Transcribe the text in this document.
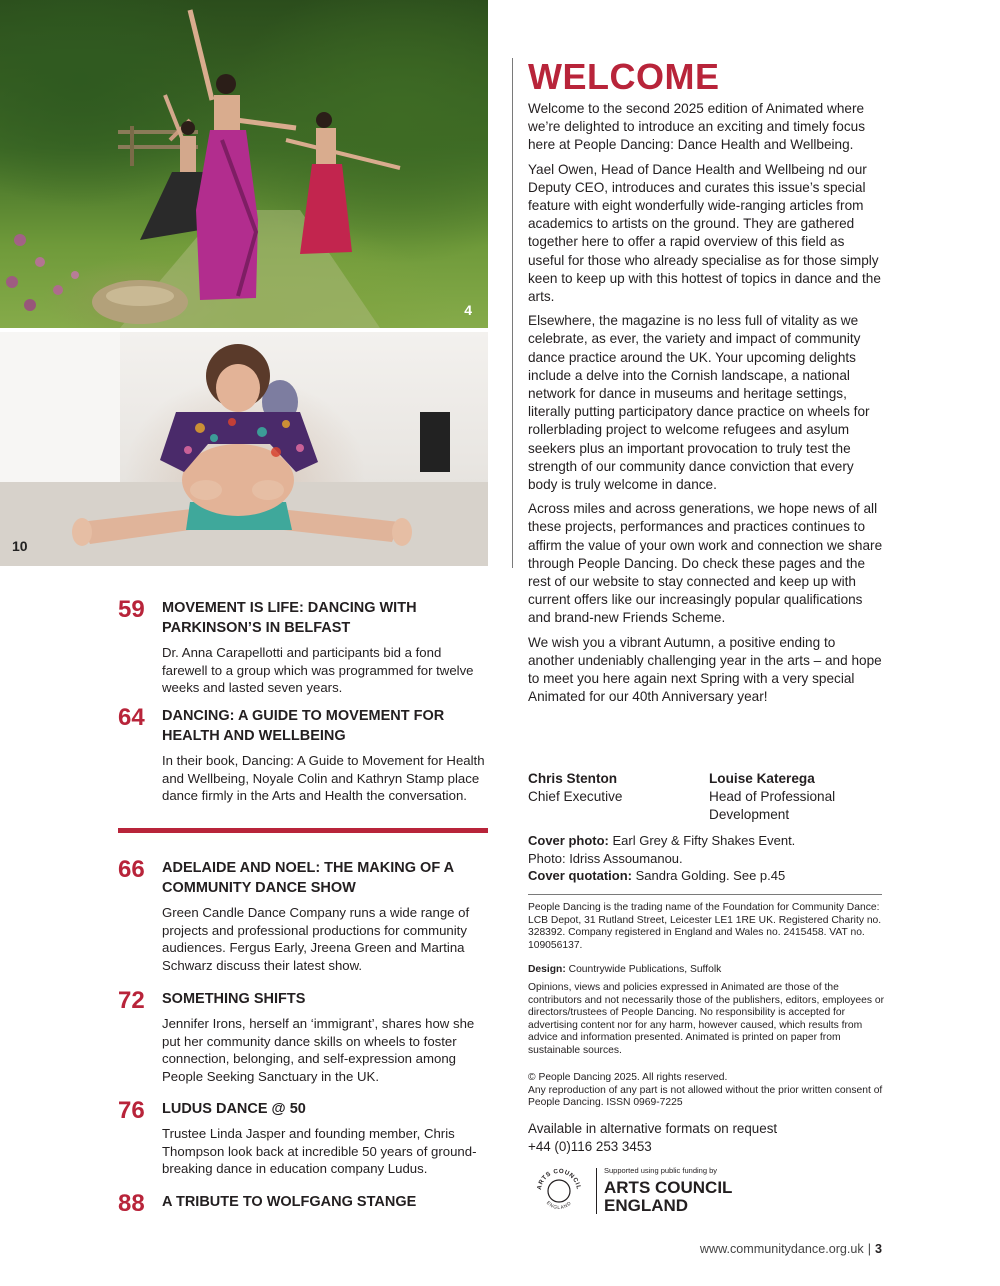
4
10
59 MOVEMENT IS LIFE: DANCING WITH PARKINSON’S IN BELFAST
Dr. Anna Carapellotti and participants bid a fond farewell to a group which was programmed for twelve weeks and lasted seven years.
64 DANCING: A GUIDE TO MOVEMENT FOR HEALTH AND WELLBEING
In their book, Dancing: A Guide to Movement for Health and Wellbeing, Noyale Colin and Kathryn Stamp place dance firmly in the Arts and Health the conversation.
66 ADELAIDE AND NOEL: THE MAKING OF A COMMUNITY DANCE SHOW
Green Candle Dance Company runs a wide range of projects and professional productions for community audiences. Fergus Early, Jreena Green and Martina Schwarz discuss their latest show.
72 SOMETHING SHIFTS
Jennifer Irons, herself an ‘immigrant’, shares how she put her community dance skills on wheels to foster connection, belonging, and self-expression among People Seeking Sanctuary in the UK.
76 LUDUS DANCE @ 50
Trustee Linda Jasper and founding member, Chris Thompson look back at incredible 50 years of ground-breaking dance in education company Ludus.
88 A TRIBUTE TO WOLFGANG STANGE
WELCOME

Welcome to the second 2025 edition of Animated where we’re delighted to introduce an exciting and timely focus here at People Dancing: Dance Health and Wellbeing.

Yael Owen, Head of Dance Health and Wellbeing nd our Deputy CEO, introduces and curates this issue’s special feature with eight wonderfully wide-ranging articles from academics to artists on the ground. They are gathered together here to offer a rapid overview of this field as useful for those who already specialise as for those simply keen to keep up with this hottest of topics in dance and the arts.

Elsewhere, the magazine is no less full of vitality as we celebrate, as ever, the variety and impact of community dance practice around the UK. Your upcoming delights include a delve into the Cornish landscape, a national network for dance in museums and heritage settings, literally putting participatory dance practice on wheels for rollerblading project to welcome refugees and asylum seekers plus an important provocation to truly test the strength of our community dance conviction that every body is truly welcome in dance.

Across miles and across generations, we hope news of all these projects, performances and practices continues to affirm the value of your own work and connection we share through People Dancing. Do check these pages and the rest of our website to stay connected and keep up with current offers like our increasingly popular qualifications and brand-new Friends Scheme.

We wish you a vibrant Autumn, a positive ending to another undeniably challenging year in the arts – and hope to meet you here again next Spring with a very special Animated for our 40th Anniversary year!

Chris Stenton
Chief Executive
Louise Katerega
Head of Professional Development
Cover photo: Earl Grey & Fifty Shakes Event.
Photo: Idriss Assoumanou.
Cover quotation: Sandra Golding. See p.45
People Dancing is the trading name of the Foundation for Community Dance: LCB Depot, 31 Rutland Street, Leicester LE1 1RE UK. Registered Charity no. 328392. Company registered in England and Wales no. 2415458. VAT no. 109056137.
Design: Countrywide Publications, Suffolk
Opinions, views and policies expressed in Animated are those of the contributors and not necessarily those of the publishers, editors, employees or directors/trustees of People Dancing. No responsibility is accepted for advertising content nor for any harm, however caused, which results from advice and information presented. Animated is printed on paper from sustainable sources.
© People Dancing 2025. All rights reserved.
Any reproduction of any part is not allowed without the prior written consent of People Dancing. ISSN 0969-7225
Available in alternative formats on request
+44 (0)116 253 3453
ARTS COUNCIL
ENGLAND
Supported using public funding by
ARTS COUNCIL ENGLAND
www.communitydance.org.uk | 3
